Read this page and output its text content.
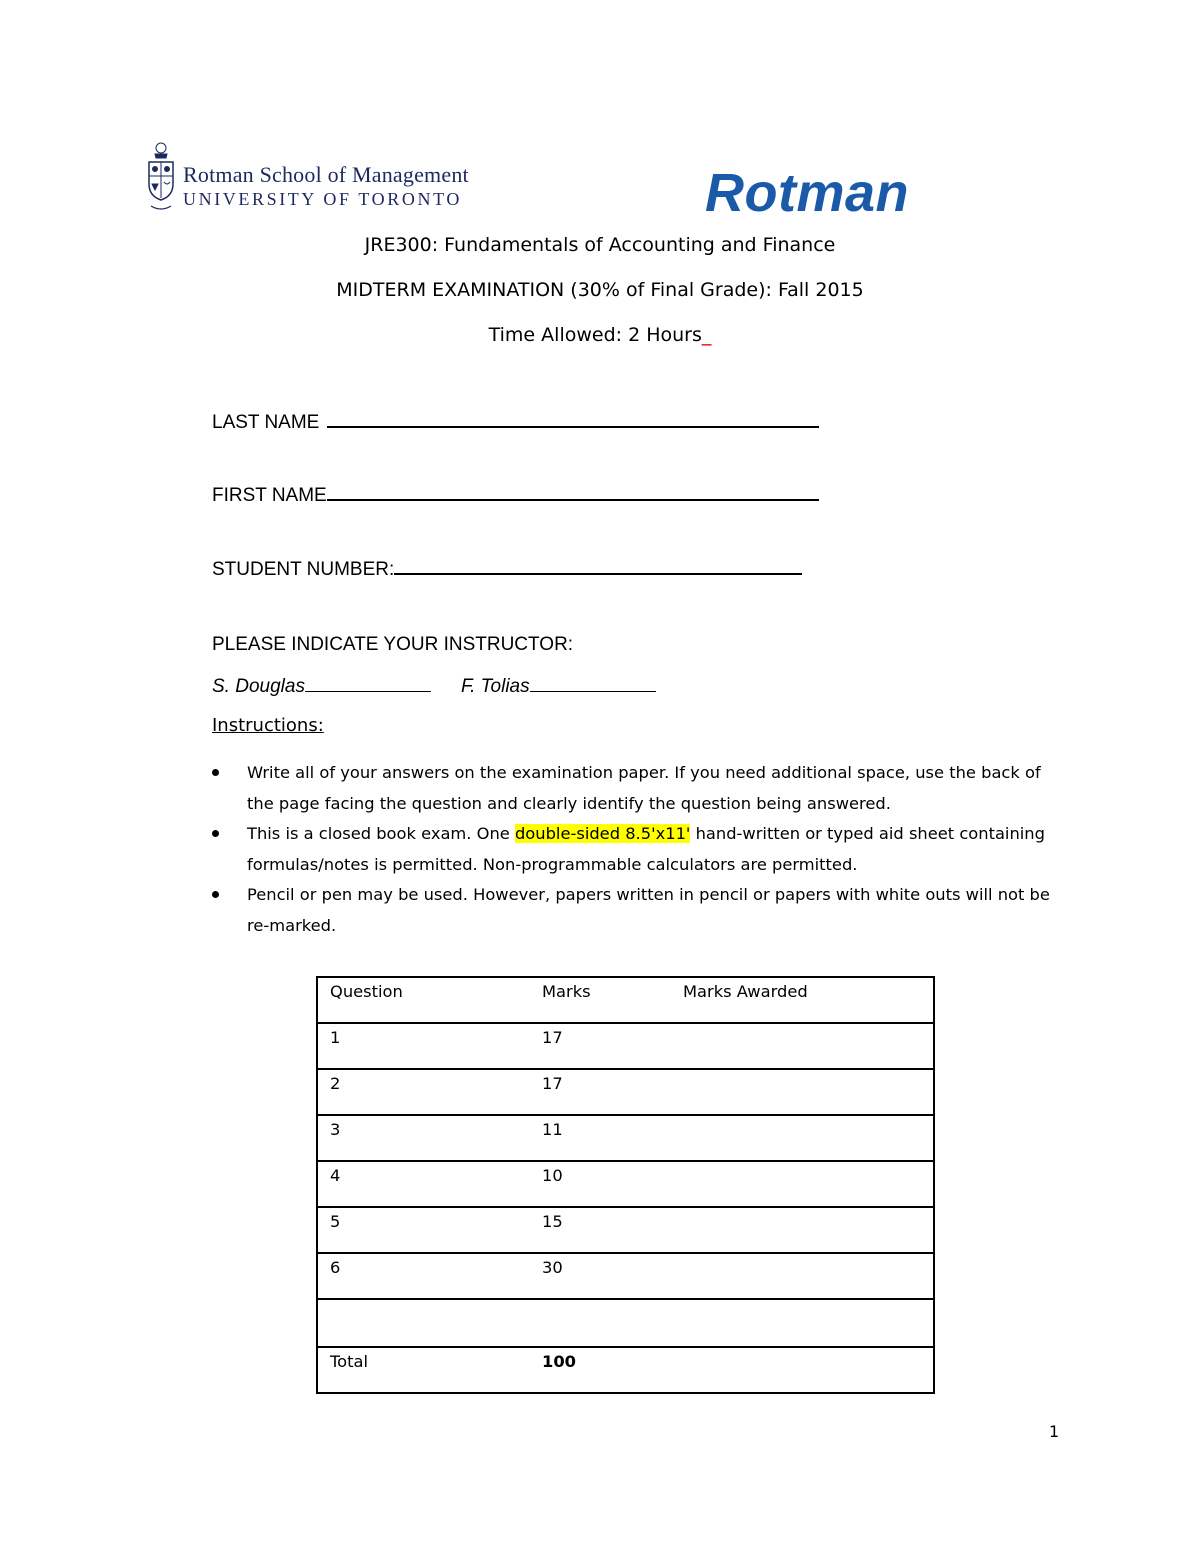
Rotman School of Management
UNIVERSITY OF TORONTO	Rotman
JRE300: Fundamentals of Accounting and Finance
MIDTERM EXAMINATION (30% of Final Grade): Fall 2015
Time Allowed: 2 Hours_
LAST NAME
FIRST NAME
STUDENT NUMBER:
PLEASE INDICATE YOUR INSTRUCTOR:
S. Douglas	F. Tolias
Instructions:
Write all of your answers on the examination paper. If you need additional space, use the back of the page facing the question and clearly identify the question being answered.
This is a closed book exam. One double-sided 8.5'x11' hand-written or typed aid sheet containing formulas/notes is permitted. Non-programmable calculators are permitted.
Pencil or pen may be used. However, papers written in pencil or papers with white outs will not be re-marked.
Question	Marks	Marks Awarded

1	17

2	17

3	11

4	10

5	15

6	30

Total	100
1
